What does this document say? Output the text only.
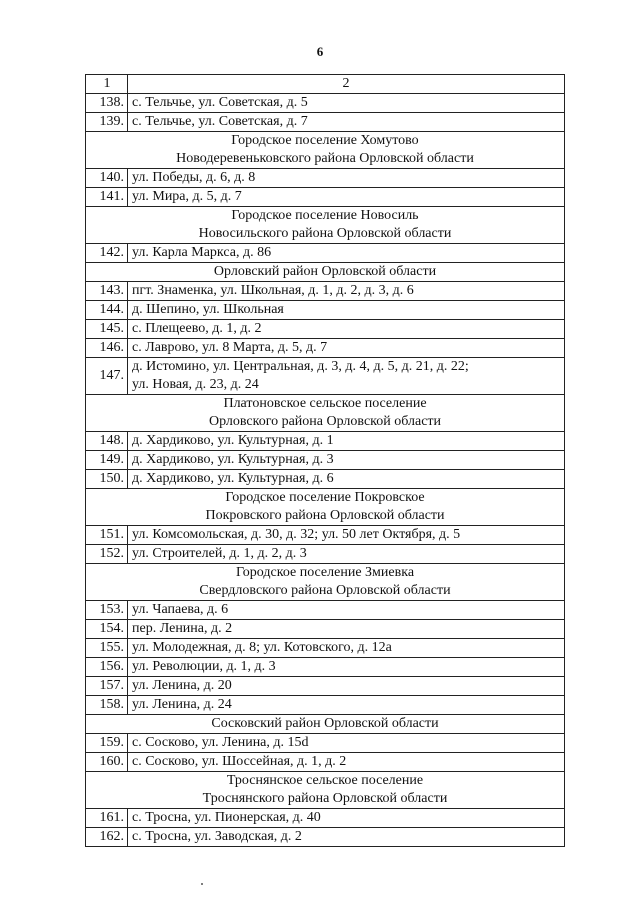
6
1	2
138.	с. Тельчье, ул. Советская, д. 5

139.	с. Тельчье, ул. Советская, д. 7

Городское поселение Хомутово
Новодеревеньковского района Орловской области	

140.	ул. Победы, д. 6, д. 8

141.	ул. Мира, д. 5, д. 7

Городское поселение Новосиль
Новосильского района Орловской области	

142.	ул. Карла Маркса, д. 86

Орловский район Орловской области	

143.	пгт. Знаменка, ул. Школьная, д. 1, д. 2, д. 3, д. 6

144.	д. Шепино, ул. Школьная

145.	с. Плещеево, д. 1, д. 2

146.	с. Лаврово, ул. 8 Марта, д. 5, д. 7

147.	д. Истомино, ул. Центральная, д. 3, д. 4, д. 5, д. 21, д. 22;
ул. Новая, д. 23, д. 24

Платоновское сельское поселение
Орловского района Орловской области	

148.	д. Хардиково, ул. Культурная, д. 1

149.	д. Хардиково, ул. Культурная, д. 3

150.	д. Хардиково, ул. Культурная, д. 6

Городское поселение Покровское
Покровского района Орловской области	

151.	ул. Комсомольская, д. 30, д. 32; ул. 50 лет Октября, д. 5

152.	ул. Строителей, д. 1, д. 2, д. 3

Городское поселение Змиевка
Свердловского района Орловской области	

153.	ул. Чапаева, д. 6

154.	пер. Ленина, д. 2

155.	ул. Молодежная, д. 8; ул. Котовского, д. 12а

156.	ул. Революции, д. 1, д. 3

157.	ул. Ленина, д. 20

158.	ул. Ленина, д. 24

Сосковский район Орловской области	

159.	с. Сосково, ул. Ленина, д. 15d

160.	с. Сосково, ул. Шоссейная, д. 1, д. 2

Троснянское сельское поселение
Троснянского района Орловской области	

161.	с. Тросна, ул. Пионерская, д. 40

162.	с. Тросна, ул. Заводская, д. 2
